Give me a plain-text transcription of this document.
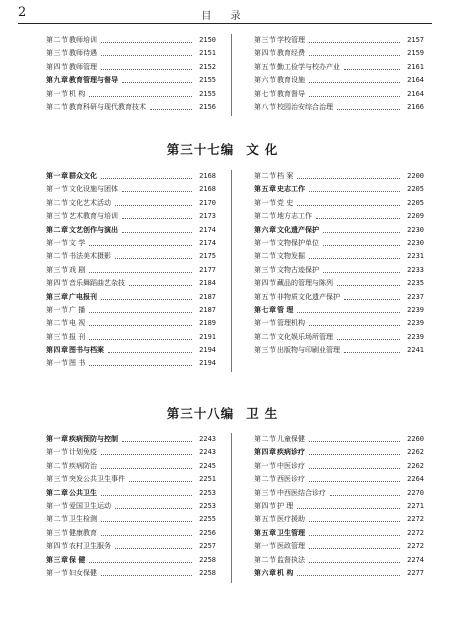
2	目 录
第二节 教师培训	2150
第三节 教师待遇	2151
第四节 教师管理	2152
第九章 教育管理与督导	2155
第一节 机 构	2155
第二节 教育科研与现代教育技术	2156
第三节 学校管理	2157
第四节 教育经费	2159
第五节 勤工俭学与校办产业	2161
第六节 教育设施	2164
第七节 教育督导	2164
第八节 校园治安综合治理	2166
第三十七编 文化
第一章 群众文化	2168
第一节 文化设施与团体	2168
第二节 文化艺术活动	2170
第三节 艺术教育与培训	2173
第二章 文艺创作与演出	2174
第一节 文 学	2174
第二节 书法美术摄影	2175
第三节 戏 剧	2177
第四节 音乐舞蹈曲艺杂技	2184
第三章 广电报刊	2187
第一节 广 播	2187
第二节 电 视	2189
第三节 报 刊	2191
第四章 图书与档案	2194
第一节 图 书	2194
第二节 档 案	2200
第五章 史志工作	2205
第一节 党 史	2205
第二节 地方志工作	2209
第六章 文化遗产保护	2230
第一节 文物保护单位	2230
第二节 文物发掘	2231
第三节 文物古迹保护	2233
第四节 藏品的管理与陈列	2235
第五节 非物质文化遗产保护	2237
第七章 管 理	2239
第一节 管理机构	2239
第二节 文化娱乐场所管理	2239
第三节 出版物与印刷业管理	2241
第三十八编 卫生
第一章 疾病预防与控制	2243
第一节 计划免疫	2243
第二节 疾病防治	2245
第三节 突发公共卫生事件	2251
第二章 公共卫生	2253
第一节 爱国卫生运动	2253
第二节 卫生检测	2255
第三节 健康教育	2256
第四节 农村卫生服务	2257
第三章 保 健	2258
第一节 妇女保健	2258
第二节 儿童保健	2260
第四章 疾病诊疗	2262
第一节 中医诊疗	2262
第二节 西医诊疗	2264
第三节 中西医结合诊疗	2270
第四节 护 理	2271
第五节 医疗援助	2272
第五章 卫生管理	2272
第一节 医政管理	2272
第二节 监督执法	2274
第六章 机 构	2277
